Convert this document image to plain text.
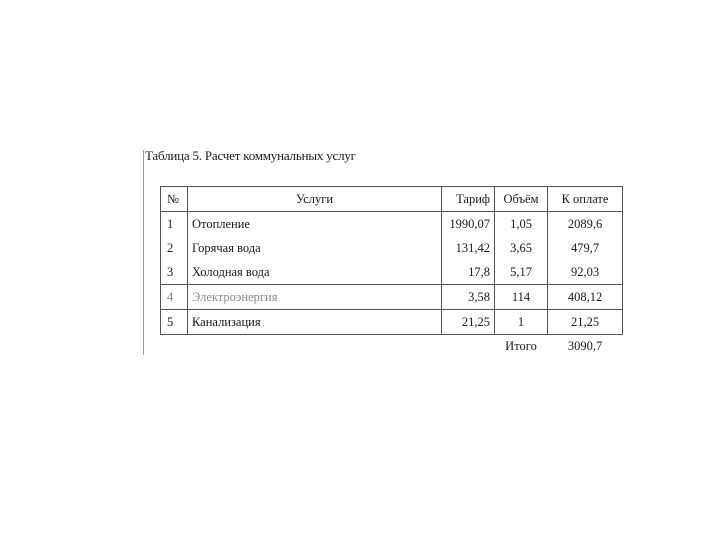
Таблица 5. Расчет коммунальных услуг
№	Услуги	Тариф	Объём	К оплате
1	Отопление	1990,07	1,05	2089,6
2	Горячая вода	131,42	3,65	479,7
3	Холодная вода	17,8	5,17	92,03
4	Электроэнергия	3,58	114	408,12
5	Канализация	21,25	1	21,25
			Итого	3090,7
